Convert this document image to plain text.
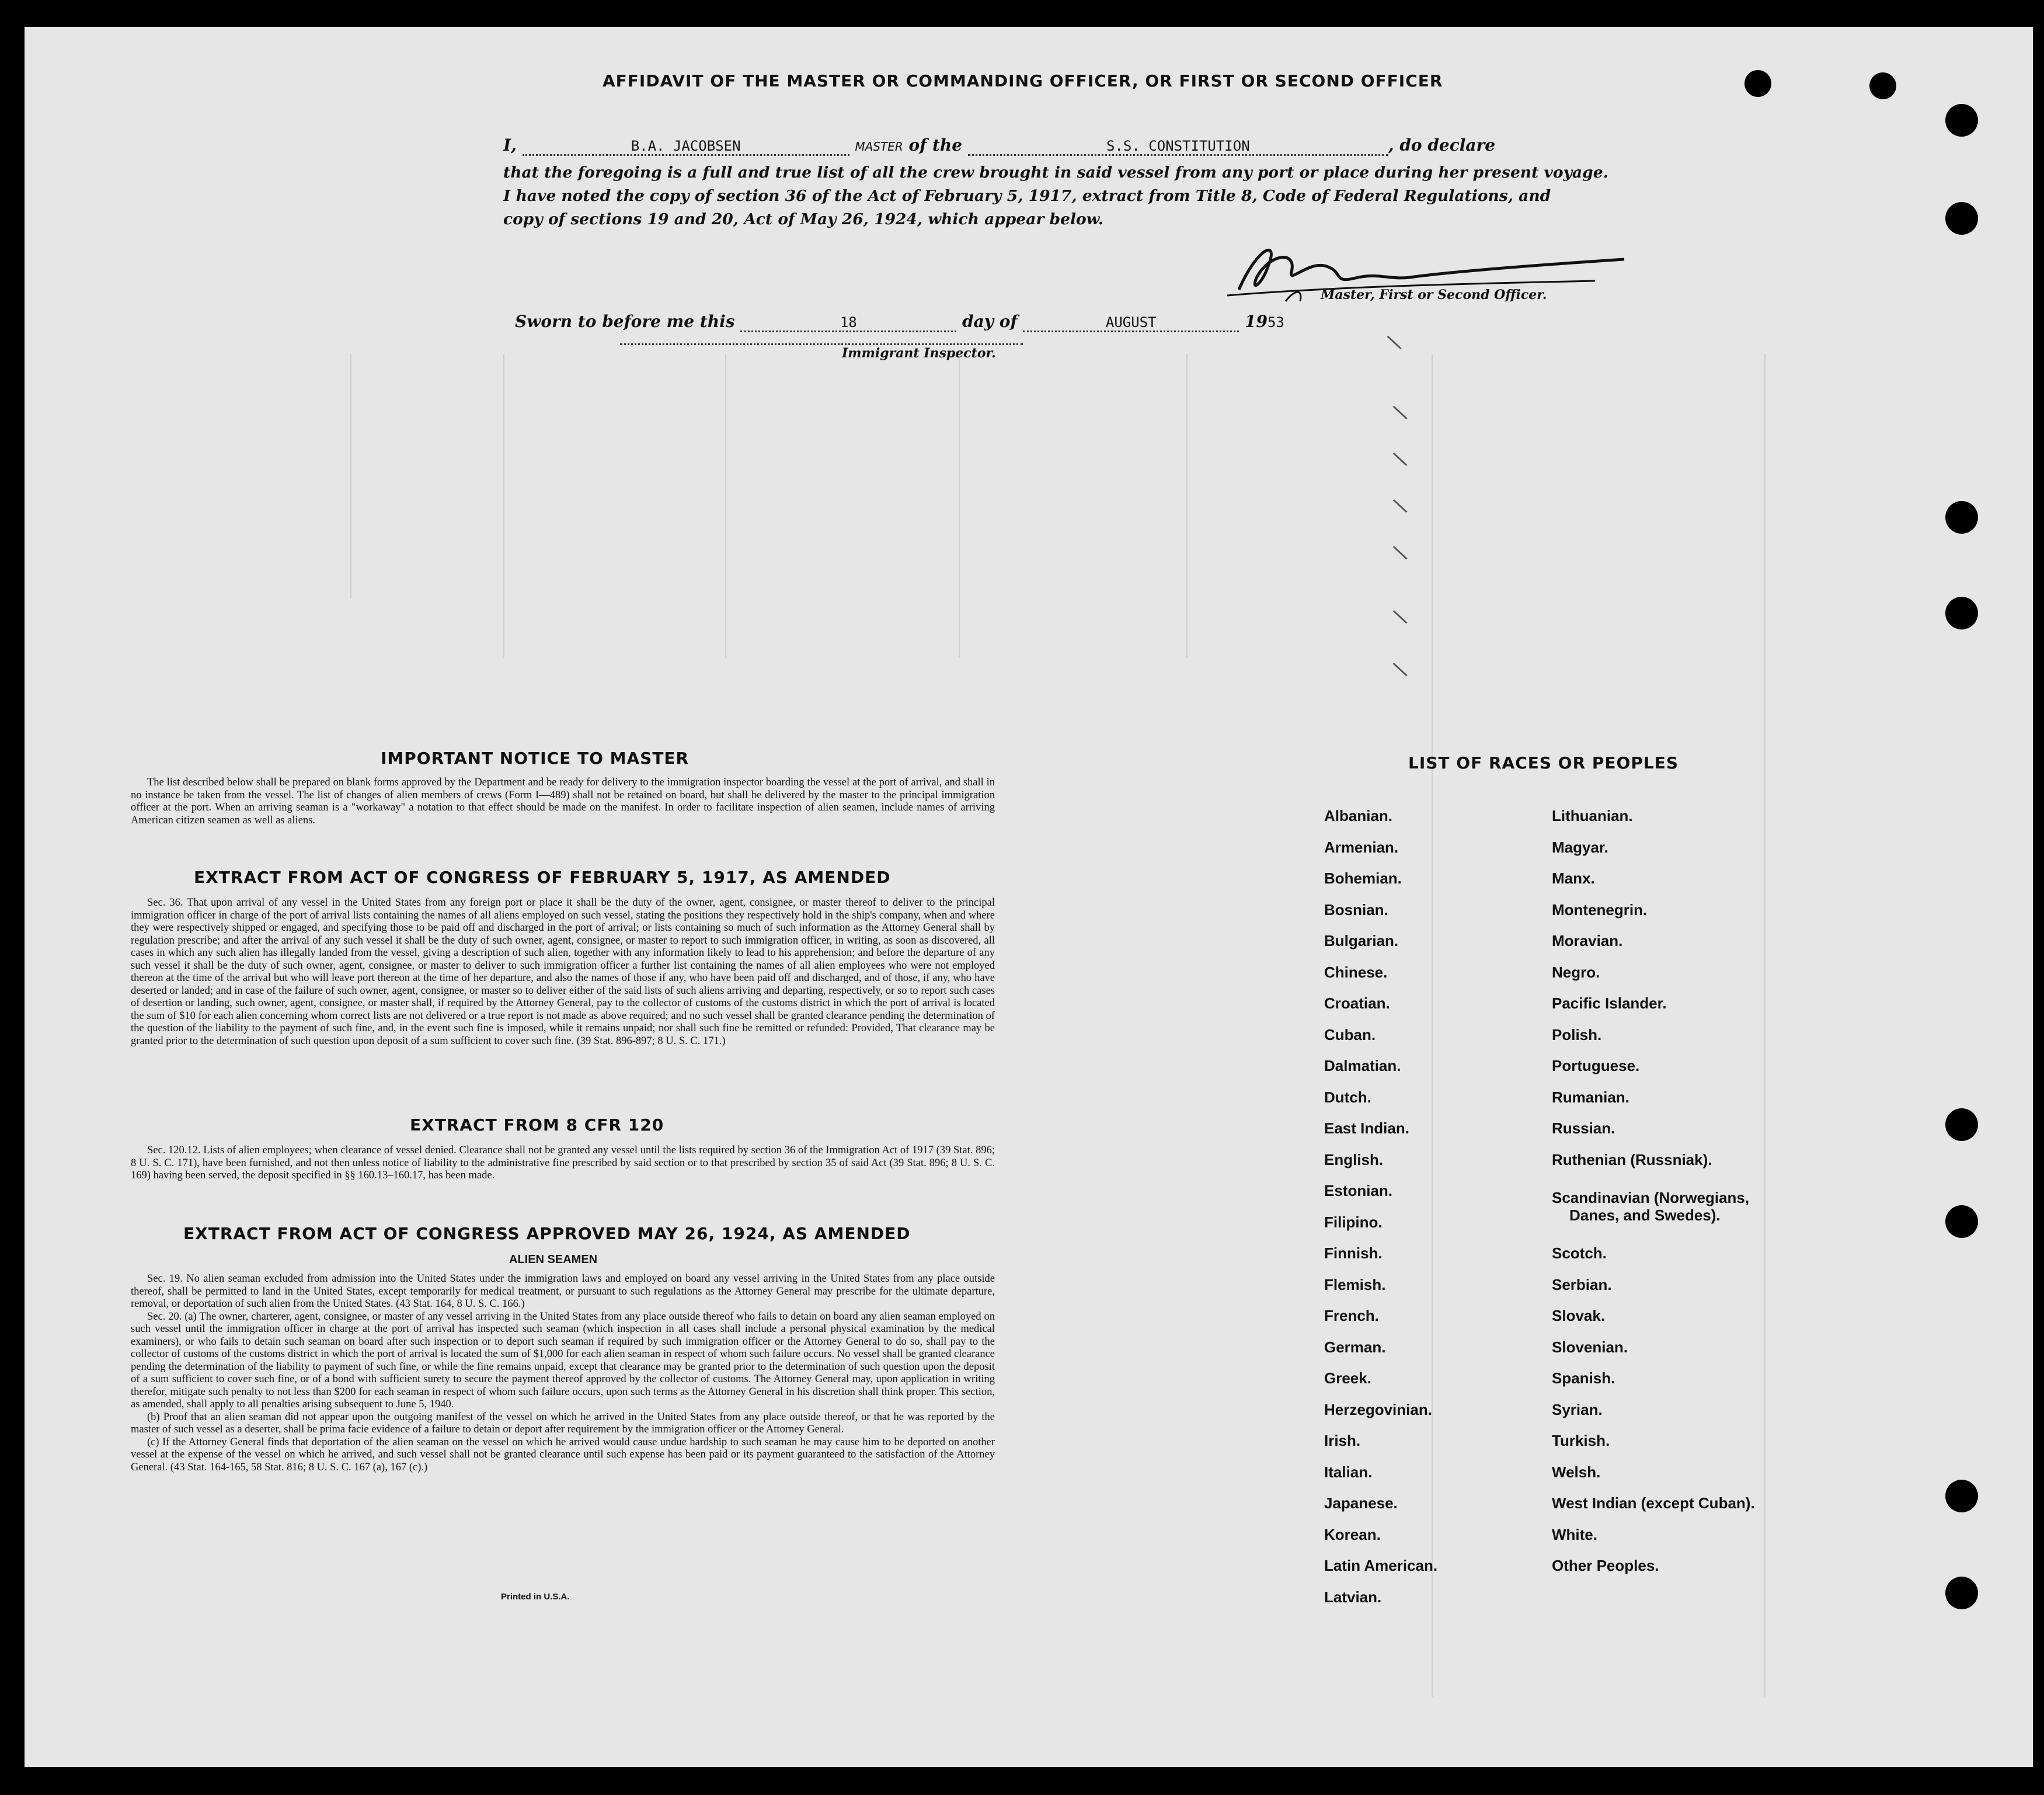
\
\
\
\
\
\
\
AFFIDAVIT OF THE MASTER OR COMMANDING OFFICER, OR FIRST OR SECOND OFFICER
I,	B.A. JACOBSEN	MASTER of the	S.S. CONSTITUTION	, do declare
that the foregoing is a full and true list of all the crew brought in said vessel from any port or place during her present voyage.
I have noted the copy of section 36 of the Act of February 5, 1917, extract from Title 8, Code of Federal Regulations, and
copy of sections 19 and 20, Act of May 26, 1924, which appear below.
Master, First or Second Officer.
Sworn to before me this	18	day of	AUGUST	1953
Immigrant Inspector.
IMPORTANT NOTICE TO MASTER

The list described below shall be prepared on blank forms approved by the Department and be ready for delivery to the immigration inspector boarding the vessel at the port of arrival, and shall in no instance be taken from the vessel. The list of changes of alien members of crews (Form I—489) shall not be retained on board, but shall be delivered by the master to the principal immigration officer at the port. When an arriving seaman is a "workaway" a notation to that effect should be made on the manifest. In order to facilitate inspection of alien seamen, include names of arriving American citizen seamen as well as aliens.

EXTRACT FROM ACT OF CONGRESS OF FEBRUARY 5, 1917, AS AMENDED

Sec. 36. That upon arrival of any vessel in the United States from any foreign port or place it shall be the duty of the owner, agent, consignee, or master thereof to deliver to the principal immigration officer in charge of the port of arrival lists containing the names of all aliens employed on such vessel, stating the positions they respectively hold in the ship's company, when and where they were respectively shipped or engaged, and specifying those to be paid off and discharged in the port of arrival; or lists containing so much of such information as the Attorney General shall by regulation prescribe; and after the arrival of any such vessel it shall be the duty of such owner, agent, consignee, or master to report to such immigration officer, in writing, as soon as discovered, all cases in which any such alien has illegally landed from the vessel, giving a description of such alien, together with any information likely to lead to his apprehension; and before the departure of any such vessel it shall be the duty of such owner, agent, consignee, or master to deliver to such immigration officer a further list containing the names of all alien employees who were not employed thereon at the time of the arrival but who will leave port thereon at the time of her departure, and also the names of those if any, who have been paid off and discharged, and of those, if any, who have deserted or landed; and in case of the failure of such owner, agent, consignee, or master so to deliver either of the said lists of such aliens arriving and departing, respectively, or so to report such cases of desertion or landing, such owner, agent, consignee, or master shall, if required by the Attorney General, pay to the collector of customs of the customs district in which the port of arrival is located the sum of $10 for each alien concerning whom correct lists are not delivered or a true report is not made as above required; and no such vessel shall be granted clearance pending the determination of the question of the liability to the payment of such fine, and, in the event such fine is imposed, while it remains unpaid; nor shall such fine be remitted or refunded: Provided, That clearance may be granted prior to the determination of such question upon deposit of a sum sufficient to cover such fine. (39 Stat. 896-897; 8 U. S. C. 171.)

EXTRACT FROM 8 CFR 120

Sec. 120.12. Lists of alien employees; when clearance of vessel denied. Clearance shall not be granted any vessel until the lists required by section 36 of the Immigration Act of 1917 (39 Stat. 896; 8 U. S. C. 171), have been furnished, and not then unless notice of liability to the administrative fine prescribed by said section or to that prescribed by section 35 of said Act (39 Stat. 896; 8 U. S. C. 169) having been served, the deposit specified in §§ 160.13–160.17, has been made.

EXTRACT FROM ACT OF CONGRESS APPROVED MAY 26, 1924, AS AMENDED
ALIEN SEAMEN

Sec. 19. No alien seaman excluded from admission into the United States under the immigration laws and employed on board any vessel arriving in the United States from any place outside thereof, shall be permitted to land in the United States, except temporarily for medical treatment, or pursuant to such regulations as the Attorney General may prescribe for the ultimate departure, removal, or deportation of such alien from the United States. (43 Stat. 164, 8 U. S. C. 166.)

Sec. 20. (a) The owner, charterer, agent, consignee, or master of any vessel arriving in the United States from any place outside thereof who fails to detain on board any alien seaman employed on such vessel until the immigration officer in charge at the port of arrival has inspected such seaman (which inspection in all cases shall include a personal physical examination by the medical examiners), or who fails to detain such seaman on board after such inspection or to deport such seaman if required by such immigration officer or the Attorney General to do so, shall pay to the collector of customs of the customs district in which the port of arrival is located the sum of $1,000 for each alien seaman in respect of whom such failure occurs. No vessel shall be granted clearance pending the determination of the liability to payment of such fine, or while the fine remains unpaid, except that clearance may be granted prior to the determination of such question upon the deposit of a sum sufficient to cover such fine, or of a bond with sufficient surety to secure the payment thereof approved by the collector of customs. The Attorney General may, upon application in writing therefor, mitigate such penalty to not less than $200 for each seaman in respect of whom such failure occurs, upon such terms as the Attorney General in his discretion shall think proper. This section, as amended, shall apply to all penalties arising subsequent to June 5, 1940.

(b) Proof that an alien seaman did not appear upon the outgoing manifest of the vessel on which he arrived in the United States from any place outside thereof, or that he was reported by the master of such vessel as a deserter, shall be prima facie evidence of a failure to detain or deport after requirement by the immigration officer or the Attorney General.

(c) If the Attorney General finds that deportation of the alien seaman on the vessel on which he arrived would cause undue hardship to such seaman he may cause him to be deported on another vessel at the expense of the vessel on which he arrived, and such vessel shall not be granted clearance until such expense has been paid or its payment guaranteed to the satisfaction of the Attorney General. (43 Stat. 164-165, 58 Stat. 816; 8 U. S. C. 167 (a), 167 (c).)

Printed in U.S.A.
LIST OF RACES OR PEOPLES
Albanian.
Armenian.
Bohemian.
Bosnian.
Bulgarian.
Chinese.
Croatian.
Cuban.
Dalmatian.
Dutch.
East Indian.
English.
Estonian.
Filipino.
Finnish.
Flemish.
French.
German.
Greek.
Herzegovinian.
Irish.
Italian.
Japanese.
Korean.
Latin American.
Latvian.
Lithuanian.
Magyar.
Manx.
Montenegrin.
Moravian.
Negro.
Pacific Islander.
Polish.
Portuguese.
Rumanian.
Russian.
Ruthenian (Russniak).
Scandinavian (Norwegians,
Danes, and Swedes).
Scotch.
Serbian.
Slovak.
Slovenian.
Spanish.
Syrian.
Turkish.
Welsh.
West Indian (except Cuban).
White.
Other Peoples.
